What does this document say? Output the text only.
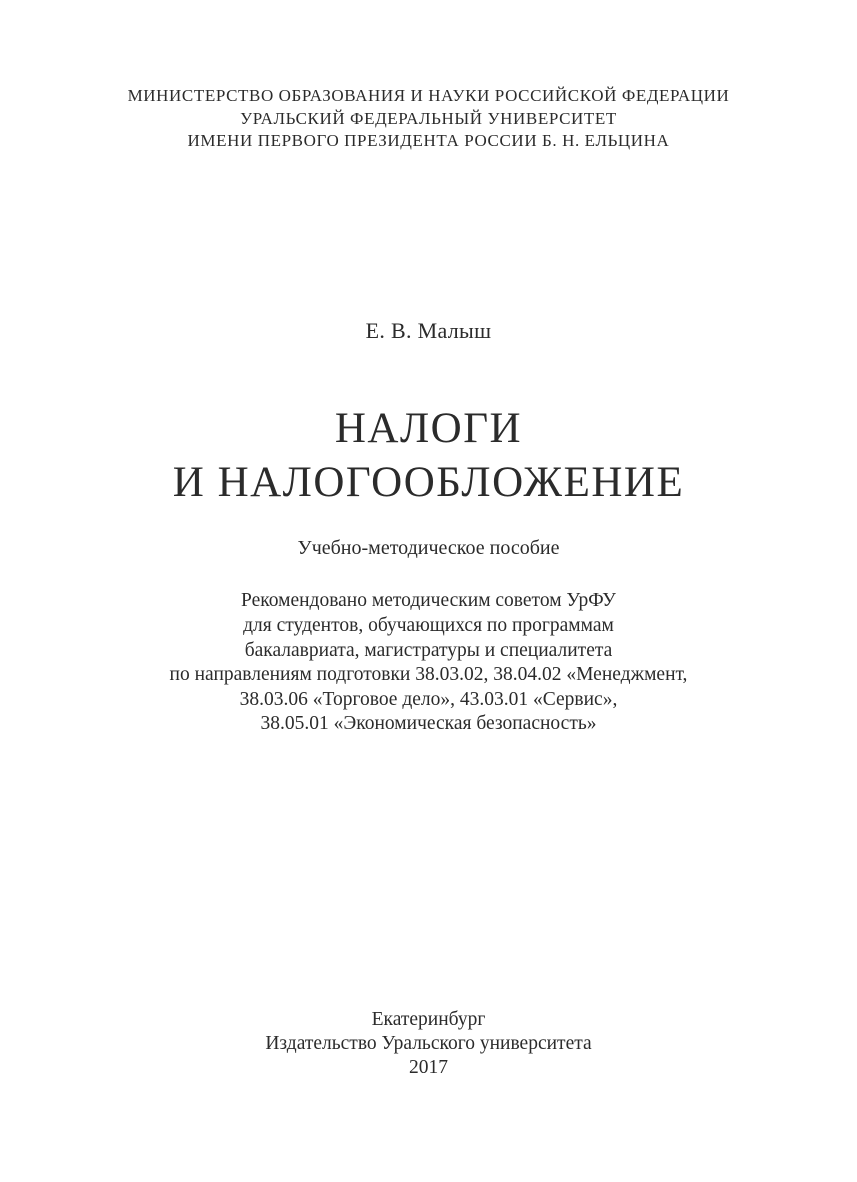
МИНИСТЕРСТВО ОБРАЗОВАНИЯ И НАУКИ РОССИЙСКОЙ ФЕДЕРАЦИИ
УРАЛЬСКИЙ ФЕДЕРАЛЬНЫЙ УНИВЕРСИТЕТ
ИМЕНИ ПЕРВОГО ПРЕЗИДЕНТА РОССИИ Б. Н. ЕЛЬЦИНА
Е. В. Малыш
НАЛОГИ
И НАЛОГООБЛОЖЕНИЕ
Учебно-методическое пособие
Рекомендовано методическим советом УрФУ
для студентов, обучающихся по программам
бакалавриата, магистратуры и специалитета
по направлениям подготовки 38.03.02, 38.04.02 «Менеджмент,
38.03.06 «Торговое дело», 43.03.01 «Сервис»,
38.05.01 «Экономическая безопасность»
Екатеринбург
Издательство Уральского университета
2017
